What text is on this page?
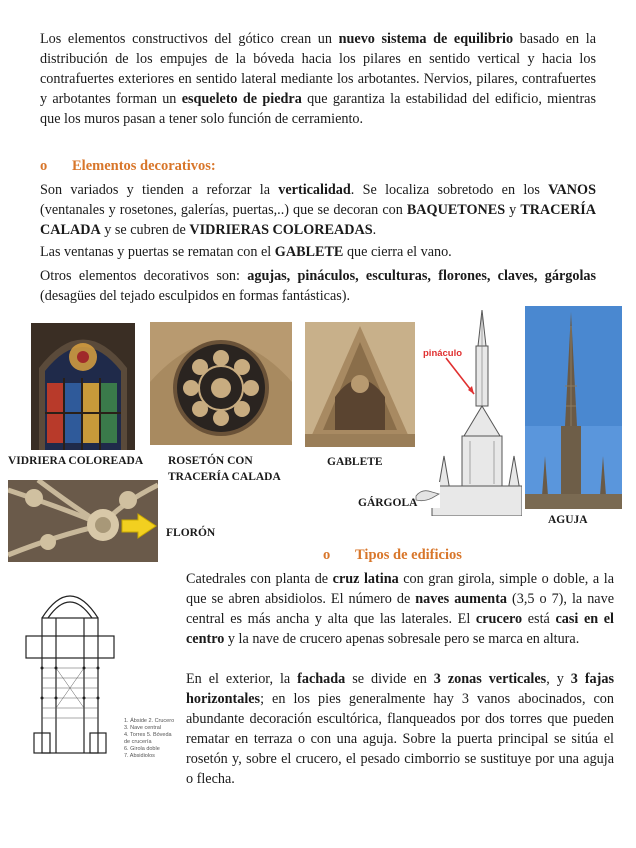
Los elementos constructivos del gótico crean un nuevo sistema de equilibrio basado en la distribución de los empujes de la bóveda hacia los pilares en sentido vertical y hacia los contrafuertes exteriores en sentido lateral mediante los arbotantes. Nervios, pilares, contrafuertes y arbotantes forman un esqueleto de piedra que garantiza la estabilidad del edificio, mientras que los muros pasan a tener solo función de cerramiento.

o Elementos decorativos:

Son variados y tienden a reforzar la verticalidad. Se localiza sobretodo en los VANOS (ventanales y rosetones, galerías, puertas,..) que se decoran con BAQUETONES y TRACERÍA CALADA y se cubren de VIDRIERAS COLOREADAS.

Las ventanas y puertas se rematan con el GABLETE que cierra el vano.

Otros elementos decorativos son: agujas, pináculos, esculturas, florones, claves, gárgolas (desagües del tejado esculpidos en formas fantásticas).

pináculo
VIDRIERA COLOREADA ROSETÓN CON
TRACERÍA CALADA
GABLETE
GÁRGOLA
AGUJA
FLORÓN
o Tipos de edificios
1. Ábside 2. Crucero
3. Nave central
4. Torres 5. Bóveda
de crucería
6. Girola doble
7. Absidiolos

Catedrales con planta de cruz latina con gran girola, simple o doble, a la que se abren absidiolos. El número de naves aumenta (3,5 o 7), la nave central es más ancha y alta que las laterales. El crucero está casi en el centro y la nave de crucero apenas sobresale pero se marca en altura.

En el exterior, la fachada se divide en 3 zonas verticales, y 3 fajas horizontales; en los pies generalmente hay 3 vanos abocinados, con abundante decoración escultórica, flanqueados por dos torres que pueden rematar en terraza o con una aguja. Sobre la puerta principal se sitúa el rosetón y, sobre el crucero, el pesado cimborrio se sustituye por una aguja o flecha.
